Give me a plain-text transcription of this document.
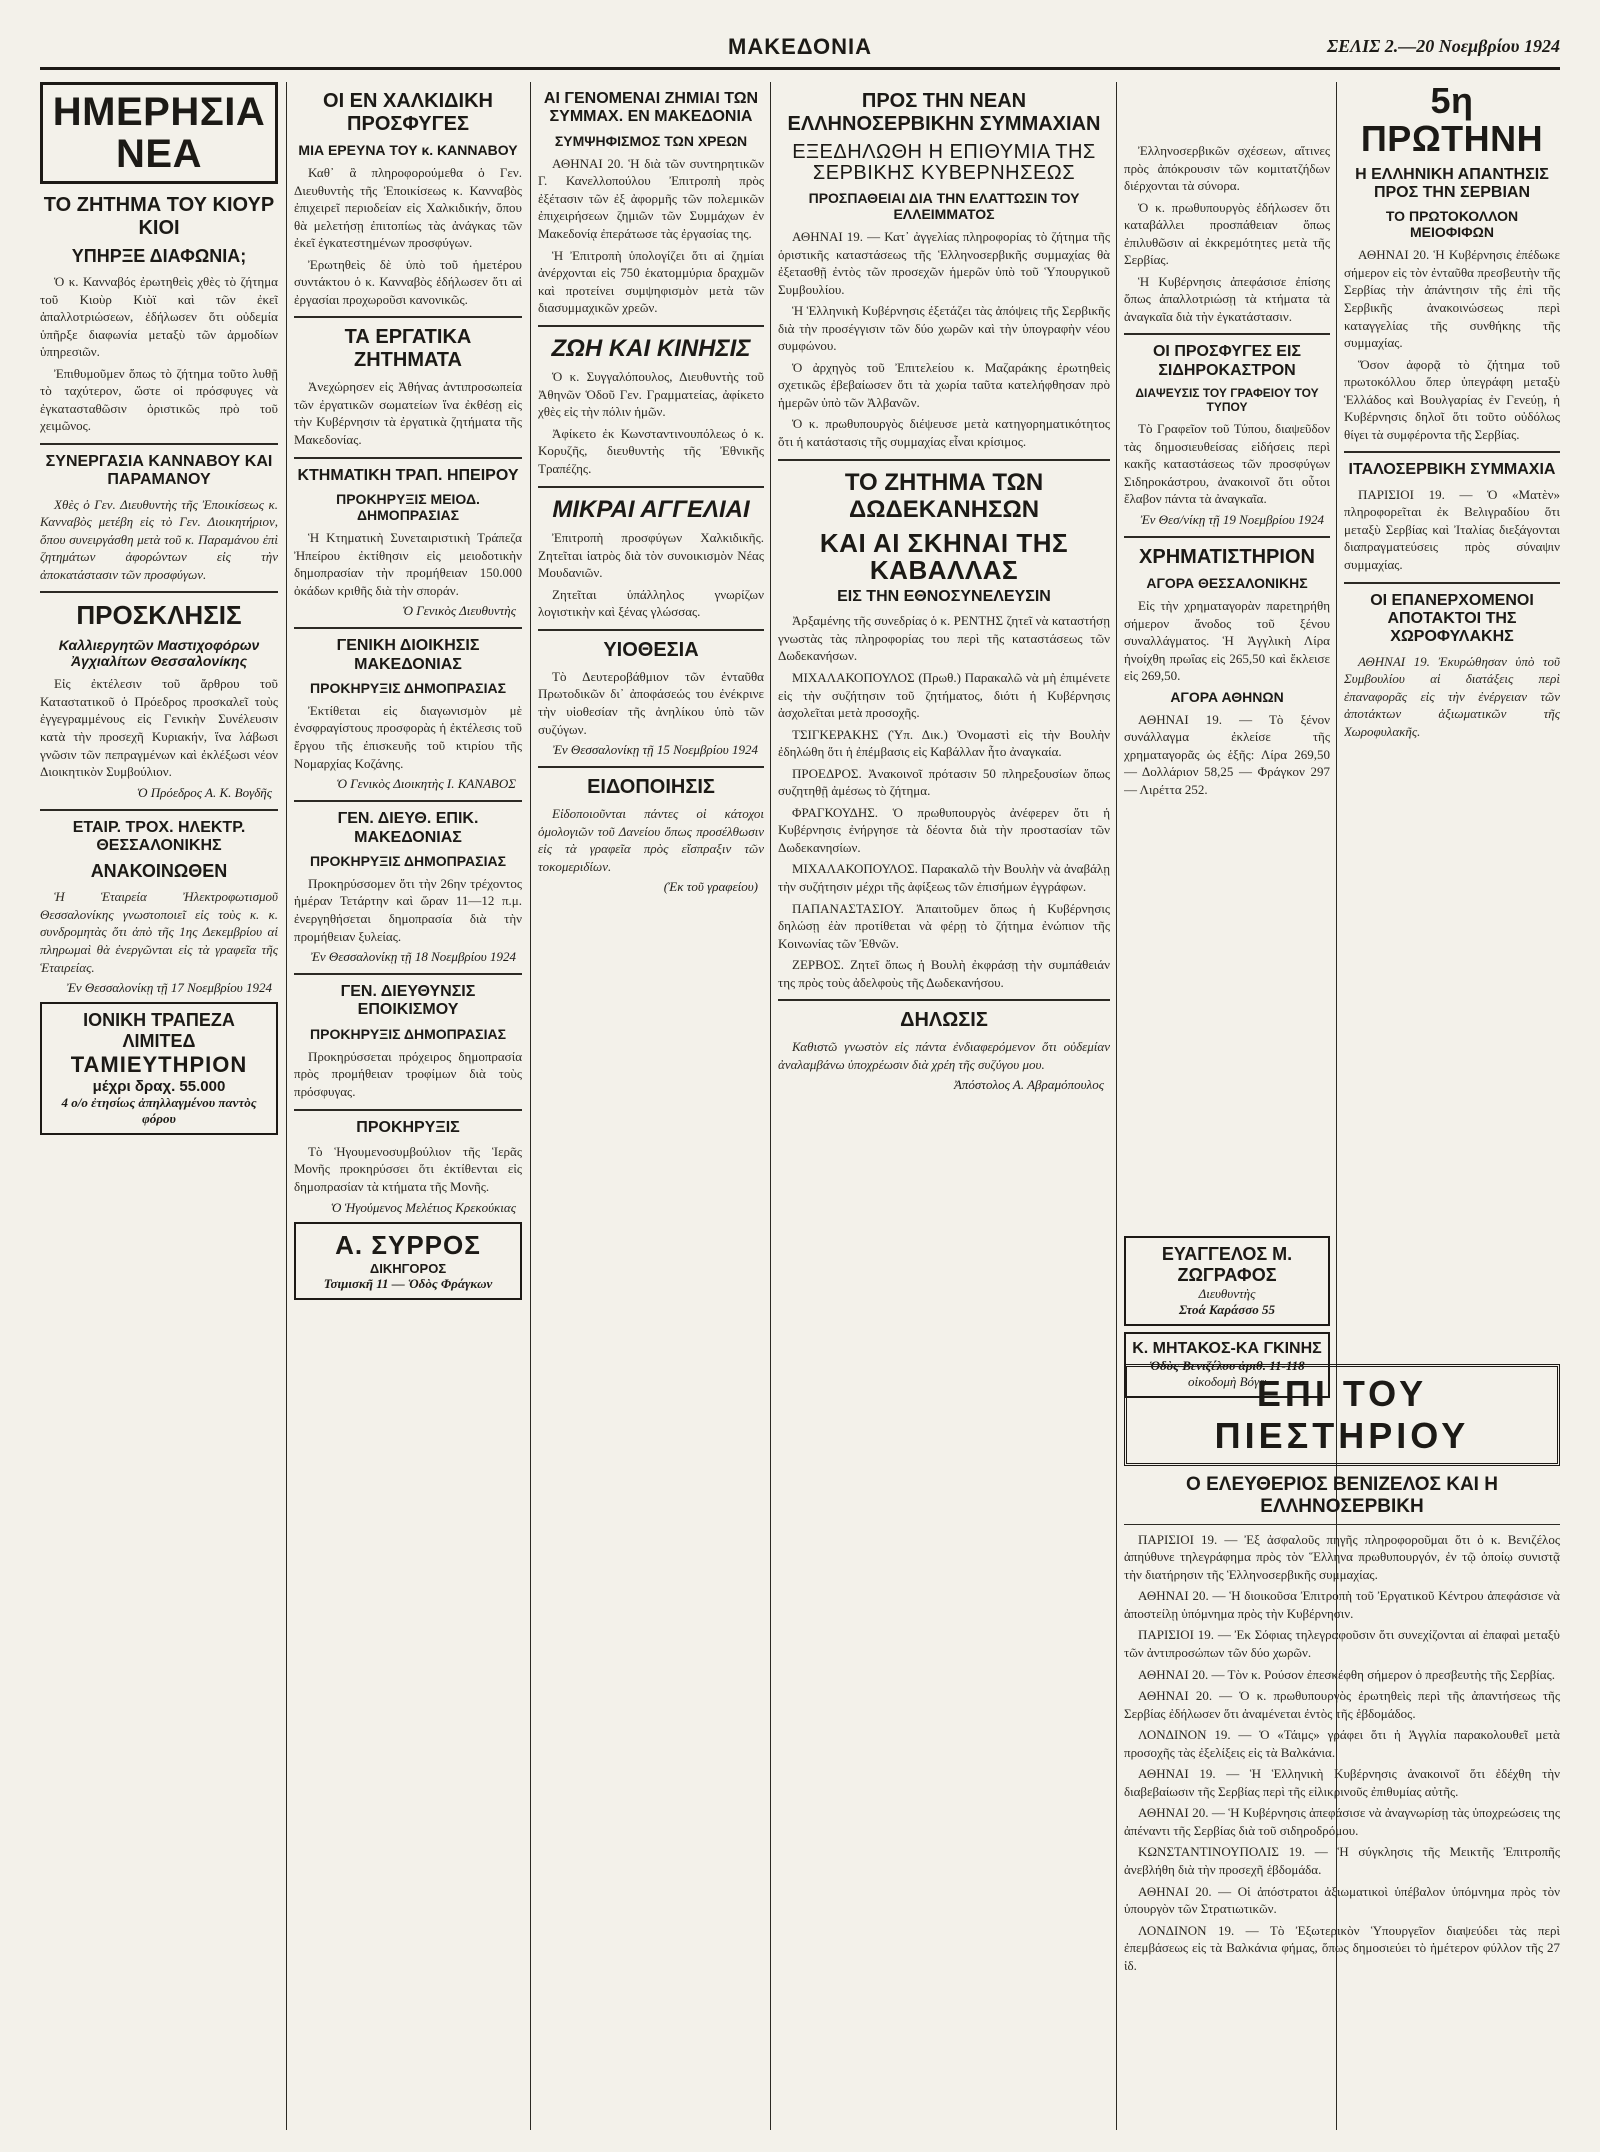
ΜΑΚΕΔΟΝΙΑ	ΣΕΛΙΣ 2.—20 Νοεμβρίου 1924
ΗΜΕΡΗΣΙΑ ΝΕΑ
ΤΟ ΖΗΤΗΜΑ ΤΟΥ ΚΙΟΥΡ ΚΙΟΙ
ΥΠΗΡΞΕ ΔΙΑΦΩΝΙΑ;

Ὁ κ. Κανναβός ἐρωτηθεὶς χθὲς τὸ ζήτημα τοῦ Κιοὺρ Κιὸϊ καὶ τῶν ἐκεῖ ἀπαλλοτριώσεων, ἐδήλωσεν ὅτι οὐδεμία ὑπῆρξε διαφωνία μεταξὺ τῶν ἀρμοδίων ὑπηρεσιῶν.

Ἐπιθυμοῦμεν ὅπως τὸ ζήτημα τοῦτο λυθῇ τὸ ταχύτερον, ὥστε οἱ πρόσφυγες νὰ ἐγκατασταθῶσιν ὁριστικῶς πρὸ τοῦ χειμῶνος.

ΣΥΝΕΡΓΑΣΙΑ ΚΑΝΝΑΒΟΥ ΚΑΙ ΠΑΡΑΜΑΝΟΥ

Χθὲς ὁ Γεν. Διευθυντὴς τῆς Ἐποικίσεως κ. Κανναβὸς μετέβη εἰς τὸ Γεν. Διοικητήριον, ὅπου συνειργάσθη μετὰ τοῦ κ. Παραμάνου ἐπὶ ζητημάτων ἀφορώντων εἰς τὴν ἀποκατάστασιν τῶν προσφύγων.

ΠΡΟΣΚΛΗΣΙΣ
Καλλιεργητῶν Μαστιχοφόρων Ἀγχιαλίτων Θεσσαλονίκης

Εἰς ἐκτέλεσιν τοῦ ἄρθρου τοῦ Καταστατικοῦ ὁ Πρόεδρος προσκαλεῖ τοὺς ἐγγεγραμμένους εἰς Γενικὴν Συνέλευσιν κατὰ τὴν προσεχῆ Κυριακήν, ἵνα λάβωσι γνῶσιν τῶν πεπραγμένων καὶ ἐκλέξωσι νέον Διοικητικὸν Συμβούλιον.

Ὁ Πρόεδρος Α. Κ. Βογδῆς
ΕΤΑΙΡ. ΤΡΟΧ. ΗΛΕΚΤΡ. ΘΕΣΣΑΛΟΝΙΚΗΣ
ΑΝΑΚΟΙΝΩΘΕΝ

Ἡ Ἑταιρεία Ἠλεκτροφωτισμοῦ Θεσσαλονίκης γνωστοποιεῖ εἰς τοὺς κ. κ. συνδρομητὰς ὅτι ἀπὸ τῆς 1ης Δεκεμβρίου αἱ πληρωμαὶ θὰ ἐνεργῶνται εἰς τὰ γραφεῖα τῆς Ἑταιρείας.

Ἐν Θεσσαλονίκῃ τῇ 17 Νοεμβρίου 1924
ΙΟΝΙΚΗ ΤΡΑΠΕΖΑ ΛΙΜΙΤΕΔ
ΤΑΜΙΕΥΤΗΡΙΟΝ
μέχρι δραχ. 55.000
4 ο/ο ἐτησίως ἀπηλλαγμένου παντὸς φόρου
ΟΙ ΕΝ ΧΑΛΚΙΔΙΚΗ ΠΡΟΣΦΥΓΕΣ
ΜΙΑ ΕΡΕΥΝΑ ΤΟΥ κ. ΚΑΝΝΑΒΟΥ

Καθ᾽ ἃ πληροφορούμεθα ὁ Γεν. Διευθυντὴς τῆς Ἐποικίσεως κ. Κανναβὸς ἐπιχειρεῖ περιοδείαν εἰς Χαλκιδικήν, ὅπου θὰ μελετήσῃ ἐπιτοπίως τὰς ἀνάγκας τῶν ἐκεῖ ἐγκατεστημένων προσφύγων.

Ἐρωτηθεὶς δὲ ὑπὸ τοῦ ἡμετέρου συντάκτου ὁ κ. Κανναβὸς ἐδήλωσεν ὅτι αἱ ἐργασίαι προχωροῦσι κανονικῶς.

ΤΑ ΕΡΓΑΤΙΚΑ ΖΗΤΗΜΑΤΑ

Ἀνεχώρησεν εἰς Ἀθήνας ἀντιπροσωπεία τῶν ἐργατικῶν σωματείων ἵνα ἐκθέσῃ εἰς τὴν Κυβέρνησιν τὰ ἐργατικὰ ζητήματα τῆς Μακεδονίας.

ΚΤΗΜΑΤΙΚΗ ΤΡΑΠ. ΗΠΕΙΡΟΥ
ΠΡΟΚΗΡΥΞΙΣ ΜΕΙΟΔ. ΔΗΜΟΠΡΑΣΙΑΣ

Ἡ Κτηματικὴ Συνεταιριστικὴ Τράπεζα Ἠπείρου ἐκτίθησιν εἰς μειοδοτικὴν δημοπρασίαν τὴν προμήθειαν 150.000 ὀκάδων κριθῆς διὰ τὴν σποράν.

Ὁ Γενικὸς Διευθυντὴς
ΓΕΝΙΚΗ ΔΙΟΙΚΗΣΙΣ ΜΑΚΕΔΟΝΙΑΣ
ΠΡΟΚΗΡΥΞΙΣ ΔΗΜΟΠΡΑΣΙΑΣ

Ἐκτίθεται εἰς διαγωνισμὸν μὲ ἐνσφραγίστους προσφορὰς ἡ ἐκτέλεσις τοῦ ἔργου τῆς ἐπισκευῆς τοῦ κτιρίου τῆς Νομαρχίας Κοζάνης.

Ὁ Γενικὸς Διοικητὴς Ι. ΚΑΝΑΒΟΣ
ΓΕΝ. ΔΙΕΥΘ. ΕΠΙΚ. ΜΑΚΕΔΟΝΙΑΣ
ΠΡΟΚΗΡΥΞΙΣ ΔΗΜΟΠΡΑΣΙΑΣ

Προκηρύσσομεν ὅτι τὴν 26ην τρέχοντος ἡμέραν Τετάρτην καὶ ὥραν 11—12 π.μ. ἐνεργηθήσεται δημοπρασία διὰ τὴν προμήθειαν ξυλείας.

Ἐν Θεσσαλονίκῃ τῇ 18 Νοεμβρίου 1924
ΓΕΝ. ΔΙΕΥΘΥΝΣΙΣ ΕΠΟΙΚΙΣΜΟΥ
ΠΡΟΚΗΡΥΞΙΣ ΔΗΜΟΠΡΑΣΙΑΣ

Προκηρύσσεται πρόχειρος δημοπρασία πρὸς προμήθειαν τροφίμων διὰ τοὺς πρόσφυγας.

ΠΡΟΚΗΡΥΞΙΣ

Τὸ Ἡγουμενοσυμβούλιον τῆς Ἱερᾶς Μονῆς προκηρύσσει ὅτι ἐκτίθενται εἰς δημοπρασίαν τὰ κτήματα τῆς Μονῆς.

Ὁ Ἡγούμενος Μελέτιος Κρεκούκιας
Α. ΣΥΡΡΟΣ
ΔΙΚΗΓΟΡΟΣ
Τσιμισκῆ 11 — Ὁδὸς Φράγκων
ΑΙ ΓΕΝΟΜΕΝΑΙ ΖΗΜΙΑΙ ΤΩΝ ΣΥΜΜΑΧ. ΕΝ ΜΑΚΕΔΟΝΙΑ
ΣΥΜΨΗΦΙΣΜΟΣ ΤΩΝ ΧΡΕΩΝ

ΑΘΗΝΑΙ 20. Ἡ διὰ τῶν συντηρητικῶν Γ. Κανελλοπούλου Ἐπιτροπὴ πρὸς ἐξέτασιν τῶν ἐξ ἀφορμῆς τῶν πολεμικῶν ἐπιχειρήσεων ζημιῶν τῶν Συμμάχων ἐν Μακεδονίᾳ ἐπεράτωσε τὰς ἐργασίας της.

Ἡ Ἐπιτροπὴ ὑπολογίζει ὅτι αἱ ζημίαι ἀνέρχονται εἰς 750 ἑκατομμύρια δραχμῶν καὶ προτείνει συμψηφισμὸν μετὰ τῶν διασυμμαχικῶν χρεῶν.

ΖΩΗ ΚΑΙ ΚΙΝΗΣΙΣ

Ὁ κ. Συγγαλόπουλος, Διευθυντὴς τοῦ Ἀθηνῶν Ὁδοῦ Γεν. Γραμματείας, ἀφίκετο χθὲς εἰς τὴν πόλιν ἡμῶν.

Ἀφίκετο ἐκ Κωνσταντινουπόλεως ὁ κ. Κορυζῆς, διευθυντὴς τῆς Ἐθνικῆς Τραπέζης.

ΜΙΚΡΑΙ ΑΓΓΕΛΙΑΙ

Ἐπιτροπὴ προσφύγων Χαλκιδικῆς. Ζητεῖται ἰατρὸς διὰ τὸν συνοικισμὸν Νέας Μουδανιῶν.

Ζητεῖται ὑπάλληλος γνωρίζων λογιστικὴν καὶ ξένας γλώσσας.

ΥΙΟΘΕΣΙΑ

Τὸ Δευτεροβάθμιον τῶν ἐνταῦθα Πρωτοδικῶν δι᾽ ἀποφάσεώς του ἐνέκρινε τὴν υἱοθεσίαν τῆς ἀνηλίκου ὑπὸ τῶν συζύγων.

Ἐν Θεσσαλονίκῃ τῇ 15 Νοεμβρίου 1924
ΕΙΔΟΠΟΙΗΣΙΣ

Εἰδοποιοῦνται πάντες οἱ κάτοχοι ὁμολογιῶν τοῦ Δανείου ὅπως προσέλθωσιν εἰς τὰ γραφεῖα πρὸς εἴσπραξιν τῶν τοκομεριδίων.

(Ἐκ τοῦ γραφείου)
ΠΡΟΣ ΤΗΝ ΝΕΑΝ ΕΛΛΗΝΟΣΕΡΒΙΚΗΝ ΣΥΜΜΑΧΙΑΝ
ΕΞΕΔΗΛΩΘΗ Η ΕΠΙΘΥΜΙΑ ΤΗΣ ΣΕΡΒΙΚΗΣ ΚΥΒΕΡΝΗΣΕΩΣ
ΠΡΟΣΠΑΘΕΙΑΙ ΔΙΑ ΤΗΝ ΕΛΑΤΤΩΣΙΝ ΤΟΥ ΕΛΛΕΙΜΜΑΤΟΣ

ΑΘΗΝΑΙ 19. — Κατ᾽ ἀγγελίας πληροφορίας τὸ ζήτημα τῆς ὁριστικῆς καταστάσεως τῆς Ἑλληνοσερβικῆς συμμαχίας θὰ ἐξετασθῇ ἐντὸς τῶν προσεχῶν ἡμερῶν ὑπὸ τοῦ Ὑπουργικοῦ Συμβουλίου.

Ἡ Ἑλληνικὴ Κυβέρνησις ἐξετάζει τὰς ἀπόψεις τῆς Σερβικῆς διὰ τὴν προσέγγισιν τῶν δύο χωρῶν καὶ τὴν ὑπογραφὴν νέου συμφώνου.

Ὁ ἀρχηγὸς τοῦ Ἐπιτελείου κ. Μαζαράκης ἐρωτηθεὶς σχετικῶς ἐβεβαίωσεν ὅτι τὰ χωρία ταῦτα κατελήφθησαν πρὸ ἡμερῶν ὑπὸ τῶν Ἀλβανῶν.

Ὁ κ. πρωθυπουργὸς διέψευσε μετὰ κατηγορηματικότητος ὅτι ἡ κατάστασις τῆς συμμαχίας εἶναι κρίσιμος.

ΤΟ ΖΗΤΗΜΑ ΤΩΝ ΔΩΔΕΚΑΝΗΣΩΝ
ΚΑΙ ΑΙ ΣΚΗΝΑΙ ΤΗΣ ΚΑΒΑΛΛΑΣ
ΕΙΣ ΤΗΝ ΕΘΝΟΣΥΝΕΛΕΥΣΙΝ

Ἀρξαμένης τῆς συνεδρίας ὁ κ. ΡΕΝΤΗΣ ζητεῖ νὰ καταστήσῃ γνωστὰς τὰς πληροφορίας του περὶ τῆς καταστάσεως τῶν Δωδεκανήσων.

ΜΙΧΑΛΑΚΟΠΟΥΛΟΣ (Πρωθ.) Παρακαλῶ νὰ μὴ ἐπιμένετε εἰς τὴν συζήτησιν τοῦ ζητήματος, διότι ἡ Κυβέρνησις ἀσχολεῖται μετὰ προσοχῆς.

ΤΣΙΓΚΕΡΑΚΗΣ (Ὑπ. Δικ.) Ὀνομαστὶ εἰς τὴν Βουλὴν ἐδηλώθη ὅτι ἡ ἐπέμβασις εἰς Καβάλλαν ἦτο ἀναγκαία.

ΠΡΟΕΔΡΟΣ. Ἀνακοινοῖ πρότασιν 50 πληρεξουσίων ὅπως συζητηθῇ ἀμέσως τὸ ζήτημα.

ΦΡΑΓΚΟΥΔΗΣ. Ὁ πρωθυπουργὸς ἀνέφερεν ὅτι ἡ Κυβέρνησις ἐνήργησε τὰ δέοντα διὰ τὴν προστασίαν τῶν Δωδεκανησίων.

ΜΙΧΑΛΑΚΟΠΟΥΛΟΣ. Παρακαλῶ τὴν Βουλὴν νὰ ἀναβάλῃ τὴν συζήτησιν μέχρι τῆς ἀφίξεως τῶν ἐπισήμων ἐγγράφων.

ΠΑΠΑΝΑΣΤΑΣΙΟΥ. Ἀπαιτοῦμεν ὅπως ἡ Κυβέρνησις δηλώσῃ ἐὰν προτίθεται νὰ φέρῃ τὸ ζήτημα ἐνώπιον τῆς Κοινωνίας τῶν Ἐθνῶν.

ΖΕΡΒΟΣ. Ζητεῖ ὅπως ἡ Βουλὴ ἐκφράσῃ τὴν συμπάθειάν της πρὸς τοὺς ἀδελφοὺς τῆς Δωδεκανήσου.

ΔΗΛΩΣΙΣ

Καθιστῶ γνωστὸν εἰς πάντα ἐνδιαφερόμενον ὅτι οὐδεμίαν ἀναλαμβάνω ὑποχρέωσιν διὰ χρέη τῆς συζύγου μου.

Ἀπόστολος Α. Αβραμόπουλος

Ἐλληνοσερβικῶν σχέσεων, αἵτινες πρὸς ἀπόκρουσιν τῶν κομιτατζήδων διέρχονται τὰ σύνορα.

Ὁ κ. πρωθυπουργὸς ἐδήλωσεν ὅτι καταβάλλει προσπάθειαν ὅπως ἐπιλυθῶσιν αἱ ἐκκρεμότητες μετὰ τῆς Σερβίας.

Ἡ Κυβέρνησις ἀπεφάσισε ἐπίσης ὅπως ἀπαλλοτριώσῃ τὰ κτήματα τὰ ἀναγκαῖα διὰ τὴν ἐγκατάστασιν.

ΟΙ ΠΡΟΣΦΥΓΕΣ ΕΙΣ ΣΙΔΗΡΟΚΑΣΤΡΟΝ
ΔΙΑΨΕΥΣΙΣ ΤΟΥ ΓΡΑΦΕΙΟΥ ΤΟΥ ΤΥΠΟΥ

Τὸ Γραφεῖον τοῦ Τύπου, διαψεῦδον τὰς δημοσιευθείσας εἰδήσεις περὶ κακῆς καταστάσεως τῶν προσφύγων Σιδηροκάστρου, ἀνακοινοῖ ὅτι οὗτοι ἔλαβον πάντα τὰ ἀναγκαῖα.

Ἐν Θεσ/νίκῃ τῇ 19 Νοεμβρίου 1924
ΧΡΗΜΑΤΙΣΤΗΡΙΟΝ
ΑΓΟΡΑ ΘΕΣΣΑΛΟΝΙΚΗΣ

Εἰς τὴν χρηματαγορὰν παρετηρήθη σήμερον ἄνοδος τοῦ ξένου συναλλάγματος. Ἡ Ἀγγλικὴ Λίρα ἠνοίχθη πρωΐας εἰς 265,50 καὶ ἔκλεισε εἰς 269,50.

ΑΓΟΡΑ ΑΘΗΝΩΝ

ΑΘΗΝΑΙ 19. — Τὸ ξένον συνάλλαγμα ἐκλείσε τῆς χρηματαγορᾶς ὡς ἑξῆς: Λίρα 269,50 — Δολλάριον 58,25 — Φράγκον 297 — Λιρέττα 252.

ΕΥΑΓΓΕΛΟΣ Μ. ΖΩΓΡΑΦΟΣ
Διευθυντὴς
Στοά Καράσσο 55
Κ. ΜΗΤΑΚΟΣ-ΚΑ ΓΚΙΝΗΣ
Ὁδὸς Βενιζέλου ἀριθ. 11-118
οἰκοδομὴ Βόγα
5η ΠΡΩΤΗΝΗ
Η ΕΛΛΗΝΙΚΗ ΑΠΑΝΤΗΣΙΣ ΠΡΟΣ ΤΗΝ ΣΕΡΒΙΑΝ
ΤΟ ΠΡΩΤΟΚΟΛΛΟΝ ΜΕΙΟΦΙΦΩΝ

ΑΘΗΝΑΙ 20. Ἡ Κυβέρνησις ἐπέδωκε σήμερον εἰς τὸν ἐνταῦθα πρεσβευτὴν τῆς Σερβίας τὴν ἀπάντησιν τῆς ἐπὶ τῆς Σερβικῆς ἀνακοινώσεως περὶ καταγγελίας τῆς συνθήκης τῆς συμμαχίας.

Ὅσον ἀφορᾷ τὸ ζήτημα τοῦ πρωτοκόλλου ὅπερ ὑπεγράφη μεταξὺ Ἑλλάδος καὶ Βουλγαρίας ἐν Γενεύῃ, ἡ Κυβέρνησις δηλοῖ ὅτι τοῦτο οὐδόλως θίγει τὰ συμφέροντα τῆς Σερβίας.

ΙΤΑΛΟΣΕΡΒΙΚΗ ΣΥΜΜΑΧΙΑ

ΠΑΡΙΣΙΟΙ 19. — Ὁ «Ματὲν» πληροφορεῖται ἐκ Βελιγραδίου ὅτι μεταξὺ Σερβίας καὶ Ἰταλίας διεξάγονται διαπραγματεύσεις πρὸς σύναψιν συμμαχίας.

ΟΙ ΕΠΑΝΕΡΧΟΜΕΝΟΙ ΑΠΟΤΑΚΤΟΙ ΤΗΣ ΧΩΡΟΦΥΛΑΚΗΣ

ΑΘΗΝΑΙ 19. Ἐκυρώθησαν ὑπὸ τοῦ Συμβουλίου αἱ διατάξεις περὶ ἐπαναφορᾶς εἰς τὴν ἐνέργειαν τῶν ἀποτάκτων ἀξιωματικῶν τῆς Χωροφυλακῆς.

ΕΠΙ ΤΟΥ ΠΙΕΣΤΗΡΙΟΥ
Ο ΕΛΕΥΘΕΡΙΟΣ ΒΕΝΙΖΕΛΟΣ ΚΑΙ Η ΕΛΛΗΝΟΣΕΡΒΙΚΗ

ΠΑΡΙΣΙΟΙ 19. — Ἐξ ἀσφαλοῦς πηγῆς πληροφοροῦμαι ὅτι ὁ κ. Βενιζέλος ἀπηύθυνε τηλεγράφημα πρὸς τὸν Ἕλληνα πρωθυπουργόν, ἐν τῷ ὁποίῳ συνιστᾷ τὴν διατήρησιν τῆς Ἑλληνοσερβικῆς συμμαχίας.

ΑΘΗΝΑΙ 20. — Ἡ διοικοῦσα Ἐπιτροπὴ τοῦ Ἐργατικοῦ Κέντρου ἀπεφάσισε νὰ ἀποστείλῃ ὑπόμνημα πρὸς τὴν Κυβέρνησιν.

ΠΑΡΙΣΙΟΙ 19. — Ἐκ Σόφιας τηλεγραφοῦσιν ὅτι συνεχίζονται αἱ ἐπαφαὶ μεταξὺ τῶν ἀντιπροσώπων τῶν δύο χωρῶν.

ΑΘΗΝΑΙ 20. — Τὸν κ. Ρούσον ἐπεσκέφθη σήμερον ὁ πρεσβευτὴς τῆς Σερβίας.

ΑΘΗΝΑΙ 20. — Ὁ κ. πρωθυπουργὸς ἐρωτηθεὶς περὶ τῆς ἀπαντήσεως τῆς Σερβίας ἐδήλωσεν ὅτι ἀναμένεται ἐντὸς τῆς ἑβδομάδος.

ΛΟΝΔΙΝΟΝ 19. — Ὁ «Τάιμς» γράφει ὅτι ἡ Ἀγγλία παρακολουθεῖ μετὰ προσοχῆς τὰς ἐξελίξεις εἰς τὰ Βαλκάνια.

ΑΘΗΝΑΙ 19. — Ἡ Ἑλληνικὴ Κυβέρνησις ἀνακοινοῖ ὅτι ἐδέχθη τὴν διαβεβαίωσιν τῆς Σερβίας περὶ τῆς εἰλικρινοῦς ἐπιθυμίας αὐτῆς.

ΑΘΗΝΑΙ 20. — Ἡ Κυβέρνησις ἀπεφάσισε νὰ ἀναγνωρίσῃ τὰς ὑποχρεώσεις της ἀπέναντι τῆς Σερβίας διὰ τοῦ σιδηροδρόμου.

ΚΩΝΣΤΑΝΤΙΝΟΥΠΟΛΙΣ 19. — Ἡ σύγκλησις τῆς Μεικτῆς Ἐπιτροπῆς ἀνεβλήθη διὰ τὴν προσεχῆ ἑβδομάδα.

ΑΘΗΝΑΙ 20. — Οἱ ἀπόστρατοι ἀξιωματικοὶ ὑπέβαλον ὑπόμνημα πρὸς τὸν ὑπουργὸν τῶν Στρατιωτικῶν.

ΛΟΝΔΙΝΟΝ 19. — Τὸ Ἐξωτερικὸν Ὑπουργεῖον διαψεύδει τὰς περὶ ἐπεμβάσεως εἰς τὰ Βαλκάνια φήμας, ὅπως δημοσιεύει τὸ ἡμέτερον φύλλον τῆς 27 ἰδ.
